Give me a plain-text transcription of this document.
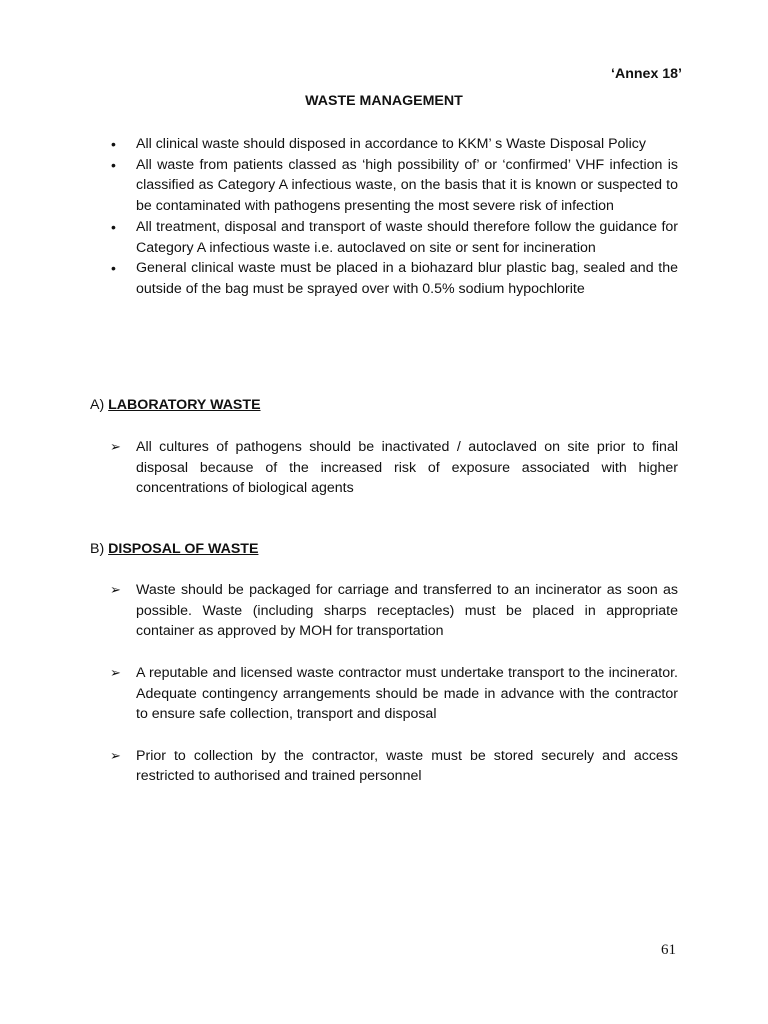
‘Annex 18’
WASTE MANAGEMENT
• All clinical waste should disposed in accordance to KKM’ s Waste Disposal Policy
• All waste from patients classed as ‘high possibility of’ or ‘confirmed’ VHF infection is classified as Category A infectious waste, on the basis that it is known or suspected to be contaminated with pathogens presenting the most severe risk of infection
• All treatment, disposal and transport of waste should therefore follow the guidance for Category A infectious waste i.e. autoclaved on site or sent for incineration
• General clinical waste must be placed in a biohazard blur plastic bag, sealed and the outside of the bag must be sprayed over with 0.5% sodium hypochlorite
A) LABORATORY WASTE
➢ All cultures of pathogens should be inactivated / autoclaved on site prior to final disposal because of the increased risk of exposure associated with higher concentrations of biological agents
B) DISPOSAL OF WASTE
➢ Waste should be packaged for carriage and transferred to an incinerator as soon as possible. Waste (including sharps receptacles) must be placed in appropriate container as approved by MOH for transportation
➢ A reputable and licensed waste contractor must undertake transport to the incinerator. Adequate contingency arrangements should be made in advance with the contractor to ensure safe collection, transport and disposal
➢ Prior to collection by the contractor, waste must be stored securely and access restricted to authorised and trained personnel
61
